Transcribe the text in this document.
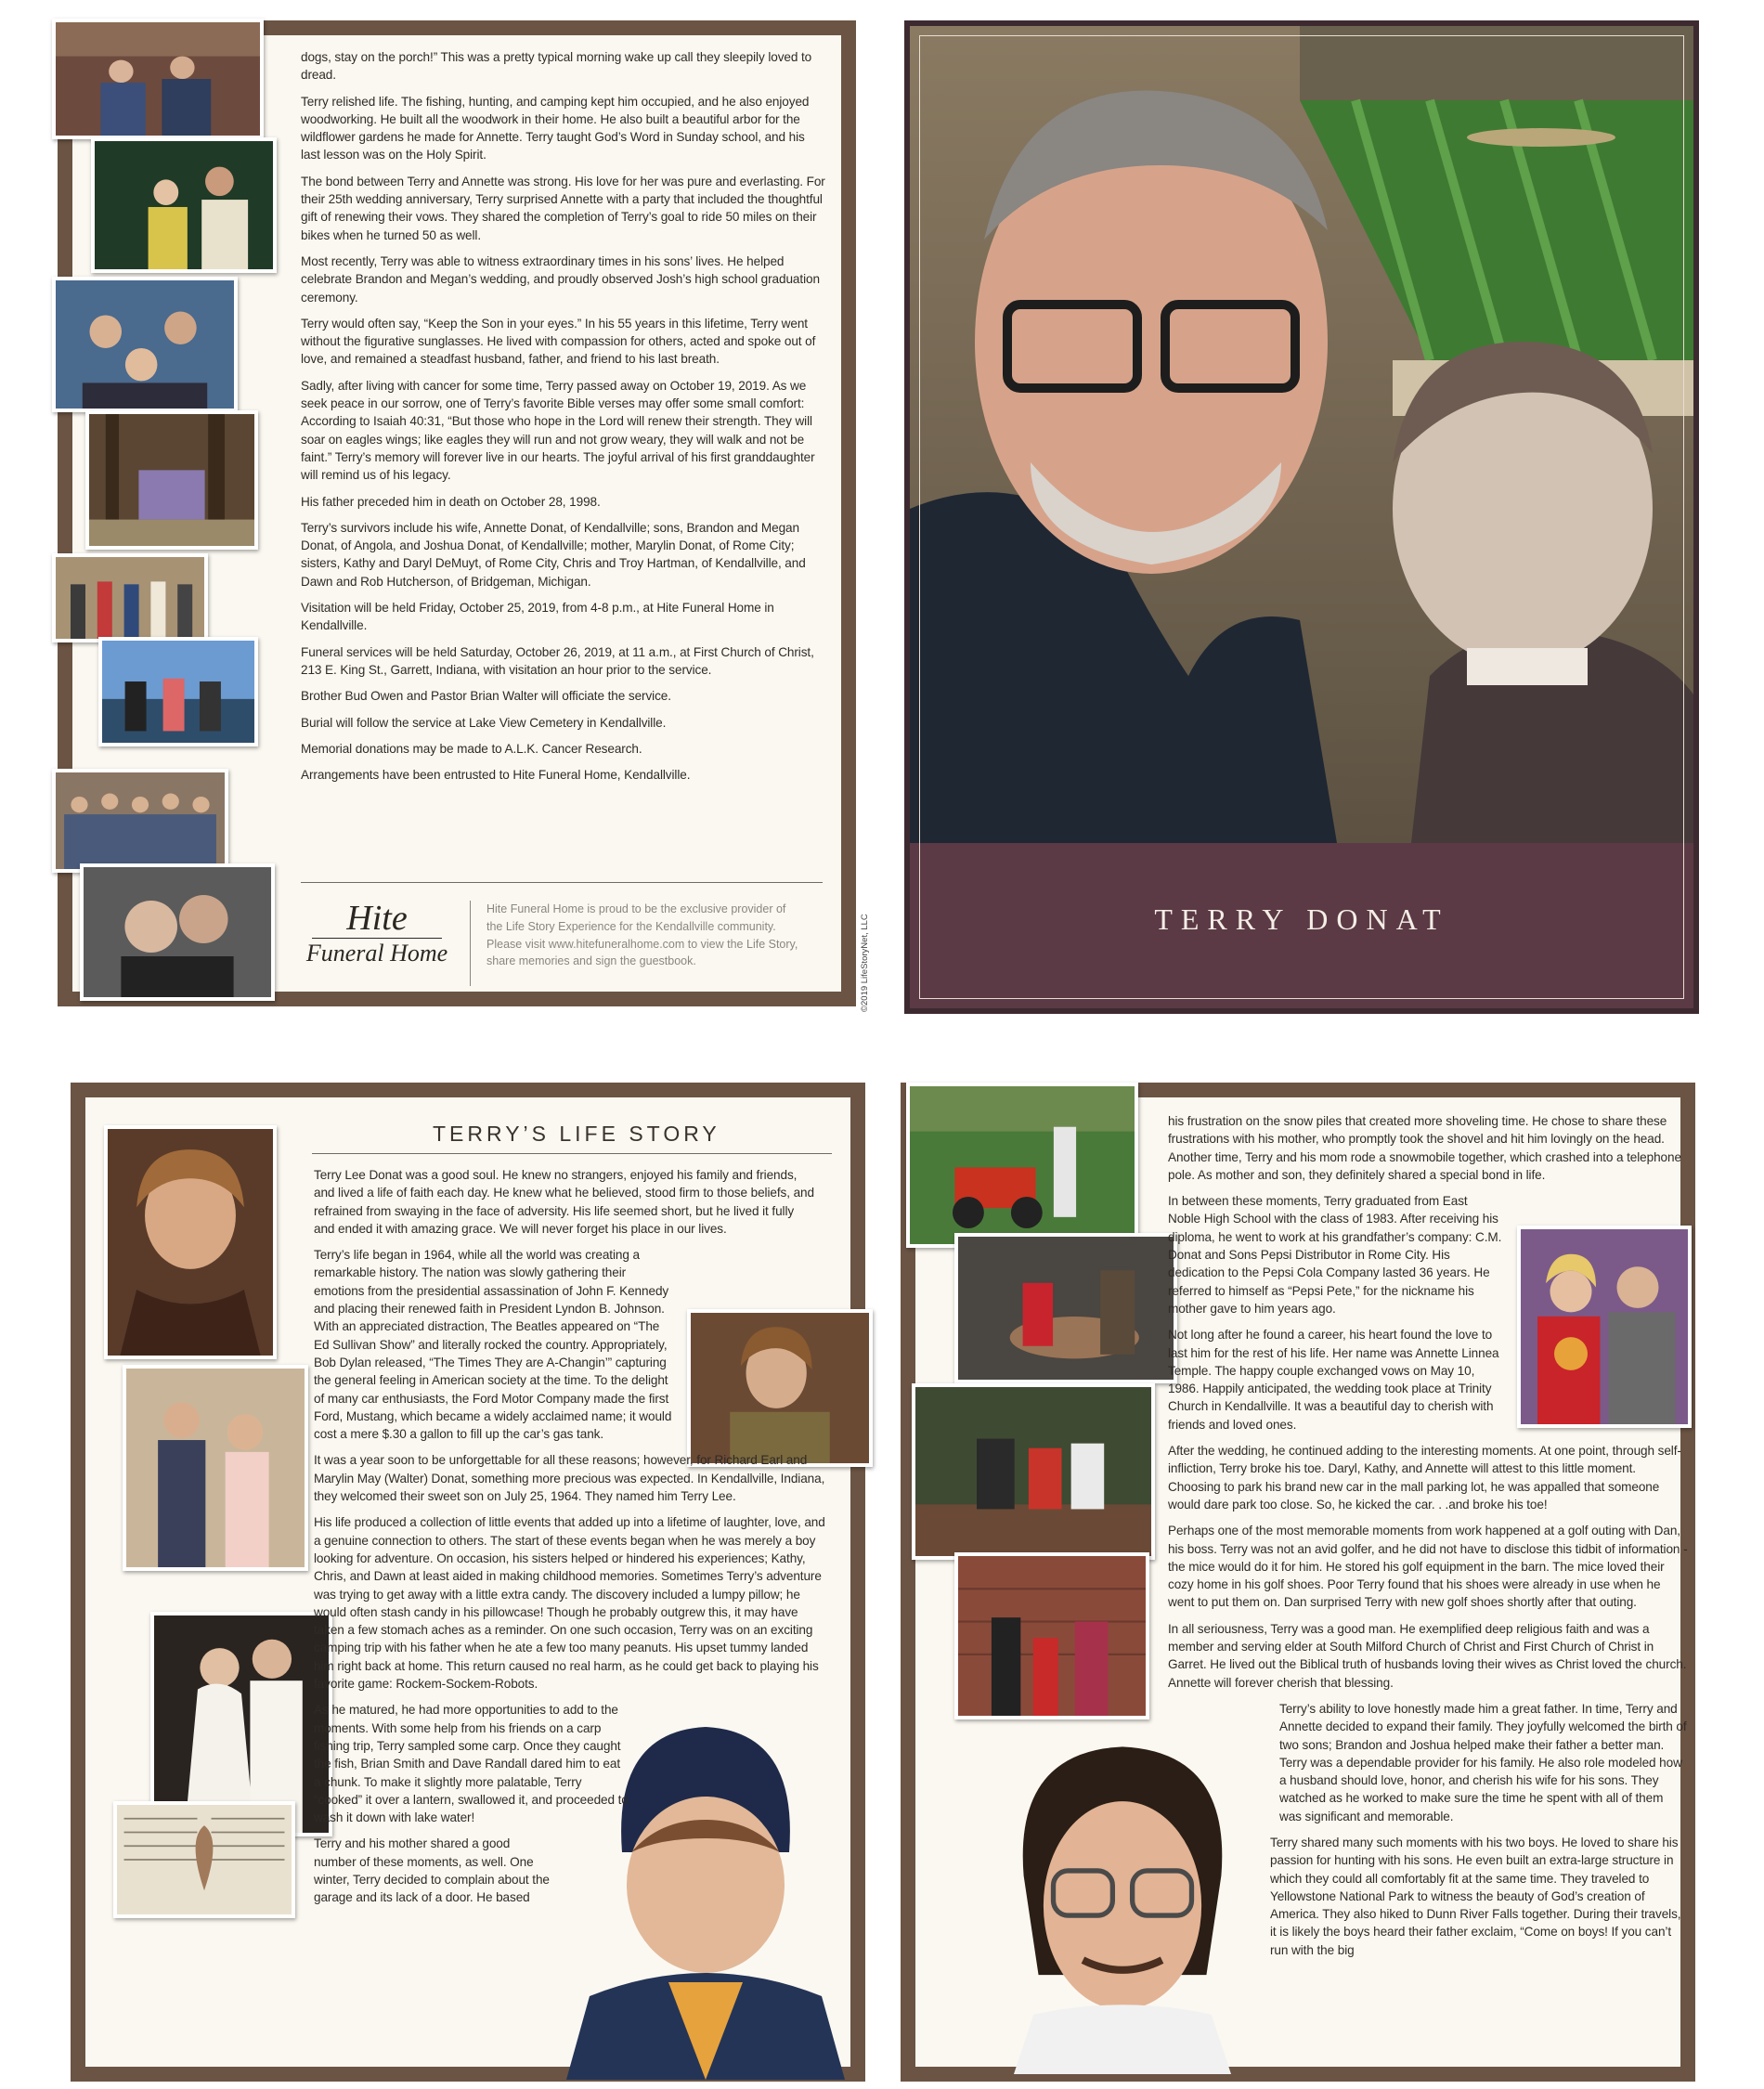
dogs, stay on the porch!” This was a pretty typical morning wake up call they sleepily loved to dread.

Terry relished life. The fishing, hunting, and camping kept him occupied, and he also enjoyed woodworking. He built all the woodwork in their home. He also built a beautiful arbor for the wildflower gardens he made for Annette. Terry taught God’s Word in Sunday school, and his last lesson was on the Holy Spirit.

The bond between Terry and Annette was strong. His love for her was pure and everlasting. For their 25th wedding anniversary, Terry surprised Annette with a party that included the thoughtful gift of renewing their vows. They shared the completion of Terry’s goal to ride 50 miles on their bikes when he turned 50 as well.

Most recently, Terry was able to witness extraordinary times in his sons’ lives. He helped celebrate Brandon and Megan’s wedding, and proudly observed Josh’s high school graduation ceremony.

Terry would often say, “Keep the Son in your eyes.” In his 55 years in this lifetime, Terry went without the figurative sunglasses. He lived with compassion for others, acted and spoke out of love, and remained a steadfast husband, father, and friend to his last breath.

Sadly, after living with cancer for some time, Terry passed away on October 19, 2019. As we seek peace in our sorrow, one of Terry’s favorite Bible verses may offer some small comfort: According to Isaiah 40:31, “But those who hope in the Lord will renew their strength. They will soar on eagles wings; like eagles they will run and not grow weary, they will walk and not be faint.” Terry’s memory will forever live in our hearts. The joyful arrival of his first granddaughter will remind us of his legacy.

His father preceded him in death on October 28, 1998.

Terry’s survivors include his wife, Annette Donat, of Kendallville; sons, Brandon and Megan Donat, of Angola, and Joshua Donat, of Kendallville; mother, Marylin Donat, of Rome City; sisters, Kathy and Daryl DeMuyt, of Rome City, Chris and Troy Hartman, of Kendallville, and Dawn and Rob Hutcherson, of Bridgeman, Michigan.

Visitation will be held Friday, October 25, 2019, from 4-8 p.m., at Hite Funeral Home in Kendallville.

Funeral services will be held Saturday, October 26, 2019, at 11 a.m., at First Church of Christ, 213 E. King St., Garrett, Indiana, with visitation an hour prior to the service.

Brother Bud Owen and Pastor Brian Walter will officiate the service.

Burial will follow the service at Lake View Cemetery in Kendallville.

Memorial donations may be made to A.L.K. Cancer Research.

Arrangements have been entrusted to Hite Funeral Home, Kendallville.

Hite
Funeral Home
Hite Funeral Home is proud to be the exclusive provider of the Life Story Experience for the Kendallville community. Please visit www.hitefuneralhome.com to view the Life Story, share memories and sign the guestbook.	©2019 LifeStoryNet, LLC	TERRY DONAT
TERRY’S LIFE STORY

Terry Lee Donat was a good soul. He knew no strangers, enjoyed his family and friends, and lived a life of faith each day. He knew what he believed, stood firm to those beliefs, and refrained from swaying in the face of adversity. His life seemed short, but he lived it fully and ended it with amazing grace. We will never forget his place in our lives.

Terry’s life began in 1964, while all the world was creating a remarkable history. The nation was slowly gathering their emotions from the presidential assassination of John F. Kennedy and placing their renewed faith in President Lyndon B. Johnson. With an appreciated distraction, The Beatles appeared on “The Ed Sullivan Show” and literally rocked the country. Appropriately, Bob Dylan released, “The Times They are A-Changin’” capturing the general feeling in American society at the time. To the delight of many car enthusiasts, the Ford Motor Company made the first Ford, Mustang, which became a widely acclaimed name; it would cost a mere $.30 a gallon to fill up the car’s gas tank.

It was a year soon to be unforgettable for all these reasons; however, for Richard Earl and Marylin May (Walter) Donat, something more precious was expected. In Kendallville, Indiana, they welcomed their sweet son on July 25, 1964. They named him Terry Lee.

His life produced a collection of little events that added up into a lifetime of laughter, love, and a genuine connection to others. The start of these events began when he was merely a boy looking for adventure. On occasion, his sisters helped or hindered his experiences; Kathy, Chris, and Dawn at least aided in making childhood memories. Sometimes Terry’s adventure was trying to get away with a little extra candy. The discovery included a lumpy pillow; he would often stash candy in his pillowcase! Though he probably outgrew this, it may have taken a few stomach aches as a reminder. On one such occasion, Terry was on an exciting camping trip with his father when he ate a few too many peanuts. His upset tummy landed him right back at home. This return caused no real harm, as he could get back to playing his favorite game: Rockem-Sockem-Robots.

As he matured, he had more opportunities to add to the moments. With some help from his friends on a carp fishing trip, Terry sampled some carp. Once they caught the fish, Brian Smith and Dave Randall dared him to eat a chunk. To make it slightly more palatable, Terry “cooked” it over a lantern, swallowed it, and proceeded to wash it down with lake water!

Terry and his mother shared a good number of these moments, as well. One winter, Terry decided to complain about the garage and its lack of a door. He based

his frustration on the snow piles that created more shoveling time. He chose to share these frustrations with his mother, who promptly took the shovel and hit him lovingly on the head. Another time, Terry and his mom rode a snowmobile together, which crashed into a telephone pole. As mother and son, they definitely shared a special bond in life.

In between these moments, Terry graduated from East Noble High School with the class of 1983. After receiving his diploma, he went to work at his grandfather’s company: C.M. Donat and Sons Pepsi Distributor in Rome City. His dedication to the Pepsi Cola Company lasted 36 years. He referred to himself as “Pepsi Pete,” for the nickname his mother gave to him years ago.

Not long after he found a career, his heart found the love to last him for the rest of his life. Her name was Annette Linnea Temple. The happy couple exchanged vows on May 10, 1986. Happily anticipated, the wedding took place at Trinity Church in Kendallville. It was a beautiful day to cherish with friends and loved ones.

After the wedding, he continued adding to the interesting moments. At one point, through self-infliction, Terry broke his toe. Daryl, Kathy, and Annette will attest to this little moment. Choosing to park his brand new car in the mall parking lot, he was appalled that someone would dare park too close. So, he kicked the car. . .and broke his toe!

Perhaps one of the most memorable moments from work happened at a golf outing with Dan, his boss. Terry was not an avid golfer, and he did not have to disclose this tidbit of information - the mice would do it for him. He stored his golf equipment in the barn. The mice loved their cozy home in his golf shoes. Poor Terry found that his shoes were already in use when he went to put them on. Dan surprised Terry with new golf shoes shortly after that outing.

In all seriousness, Terry was a good man. He exemplified deep religious faith and was a member and serving elder at South Milford Church of Christ and First Church of Christ in Garret. He lived out the Biblical truth of husbands loving their wives as Christ loved the church. Annette will forever cherish that blessing.

Terry’s ability to love honestly made him a great father. In time, Terry and Annette decided to expand their family. They joyfully welcomed the birth of two sons; Brandon and Joshua helped make their father a better man. Terry was a dependable provider for his family. He also role modeled how a husband should love, honor, and cherish his wife for his sons. They watched as he worked to make sure the time he spent with all of them was significant and memorable.

Terry shared many such moments with his two boys. He loved to share his passion for hunting with his sons. He even built an extra-large structure in which they could all comfortably fit at the same time. They traveled to Yellowstone National Park to witness the beauty of God’s creation of America. They also hiked to Dunn River Falls together. During their travels, it is likely the boys heard their father exclaim, “Come on boys! If you can’t run with the big
